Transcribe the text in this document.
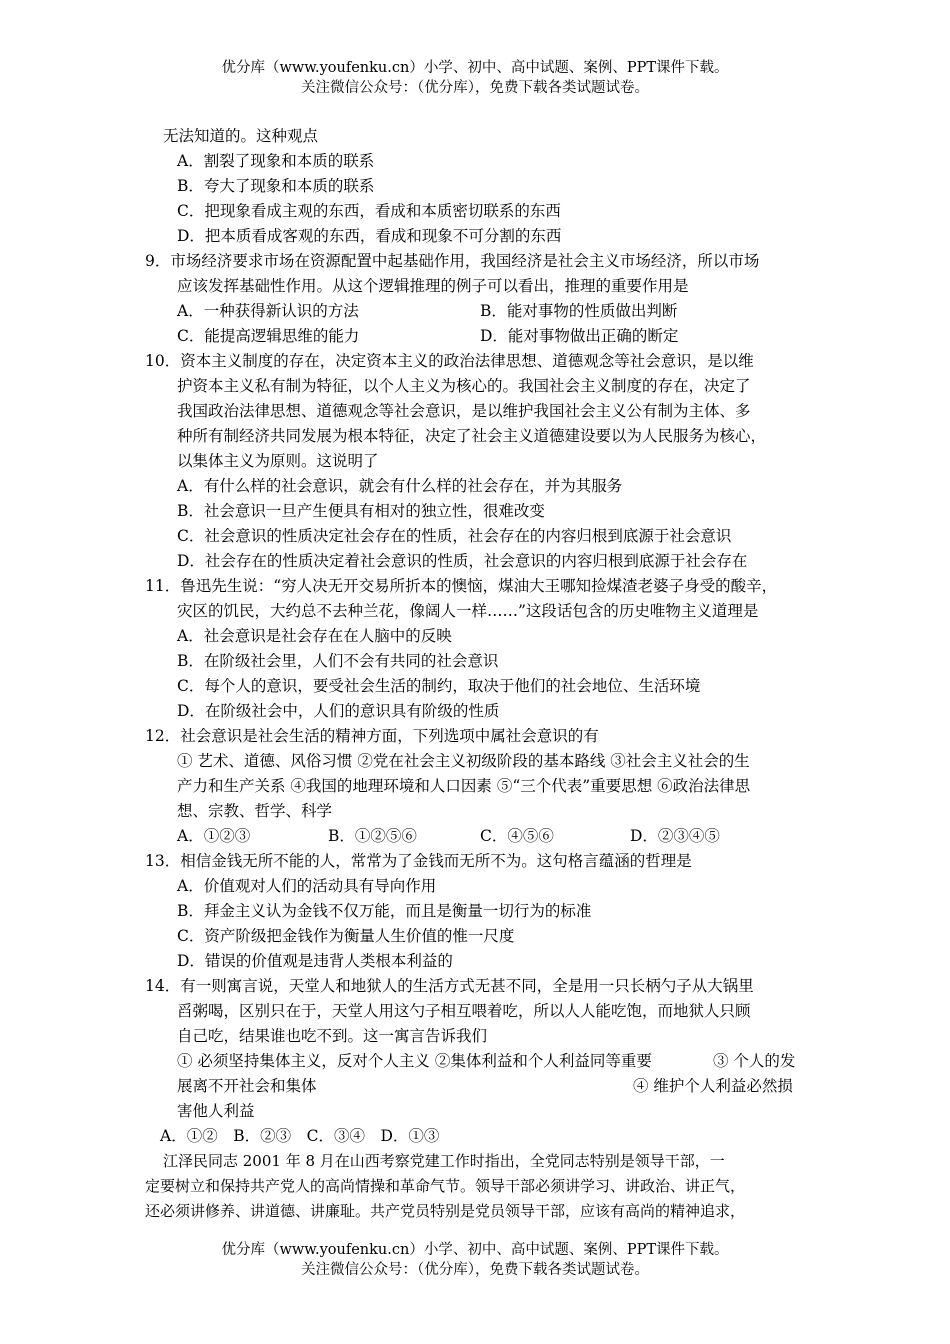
优分库（www.youfenku.cn）小学、初中、高中试题、案例、PPT课件下载。
关注微信公众号：（优分库），免费下载各类试题试卷。
无法知道的。这种观点
A．割裂了现象和本质的联系
B．夸大了现象和本质的联系
C．把现象看成主观的东西，看成和本质密切联系的东西
D．把本质看成客观的东西，看成和现象不可分割的东西
9．市场经济要求市场在资源配置中起基础作用，我国经济是社会主义市场经济，所以市场
应该发挥基础性作用。从这个逻辑推理的例子可以看出，推理的重要作用是
A．一种获得新认识的方法	B．能对事物的性质做出判断
C．能提高逻辑思维的能力	D．能对事物做出正确的断定
10．资本主义制度的存在，决定资本主义的政治法律思想、道德观念等社会意识，是以维
护资本主义私有制为特征，以个人主义为核心的。我国社会主义制度的存在，决定了
我国政治法律思想、道德观念等社会意识，是以维护我国社会主义公有制为主体、多
种所有制经济共同发展为根本特征，决定了社会主义道德建设要以为人民服务为核心，
以集体主义为原则。这说明了
A．有什么样的社会意识，就会有什么样的社会存在，并为其服务
B．社会意识一旦产生便具有相对的独立性，很难改变
C．社会意识的性质决定社会存在的性质，社会存在的内容归根到底源于社会意识
D．社会存在的性质决定着社会意识的性质，社会意识的内容归根到底源于社会存在
11．鲁迅先生说：“穷人决无开交易所折本的懊恼，煤油大王哪知捡煤渣老婆子身受的酸辛，
灾区的饥民，大约总不去种兰花，像阔人一样……”这段话包含的历史唯物主义道理是
A．社会意识是社会存在在人脑中的反映
B．在阶级社会里，人们不会有共同的社会意识
C．每个人的意识，要受社会生活的制约，取决于他们的社会地位、生活环境
D．在阶级社会中，人们的意识具有阶级的性质
12．社会意识是社会生活的精神方面，下列选项中属社会意识的有
① 艺术、道德、风俗习惯 ②党在社会主义初级阶段的基本路线 ③社会主义社会的生
产力和生产关系 ④我国的地理环境和人口因素 ⑤“三个代表”重要思想 ⑥政治法律思
想、宗教、哲学、科学
A．①②③	B．①②⑤⑥	C．④⑤⑥	D．②③④⑤
13．相信金钱无所不能的人，常常为了金钱而无所不为。这句格言蕴涵的哲理是
A．价值观对人们的活动具有导向作用
B．拜金主义认为金钱不仅万能，而且是衡量一切行为的标准
C．资产阶级把金钱作为衡量人生价值的惟一尺度
D．错误的价值观是违背人类根本利益的
14．有一则寓言说，天堂人和地狱人的生活方式无甚不同，全是用一只长柄勺子从大锅里
舀粥喝，区别只在于，天堂人用这勺子相互喂着吃，所以人人能吃饱，而地狱人只顾
自己吃，结果谁也吃不到。这一寓言告诉我们
① 必须坚持集体主义，反对个人主义 ②集体利益和个人利益同等重要	③ 个人的发
展离不开社会和集体	④ 维护个人利益必然损
害他人利益
A．①②　B．②③　C．③④　D．①③
江泽民同志 2001 年 8 月在山西考察党建工作时指出，全党同志特别是领导干部，一
定要树立和保持共产党人的高尚情操和革命气节。领导干部必须讲学习、讲政治、讲正气，
还必须讲修养、讲道德、讲廉耻。共产党员特别是党员领导干部，应该有高尚的精神追求，
优分库（www.youfenku.cn）小学、初中、高中试题、案例、PPT课件下载。
关注微信公众号：（优分库），免费下载各类试题试卷。
